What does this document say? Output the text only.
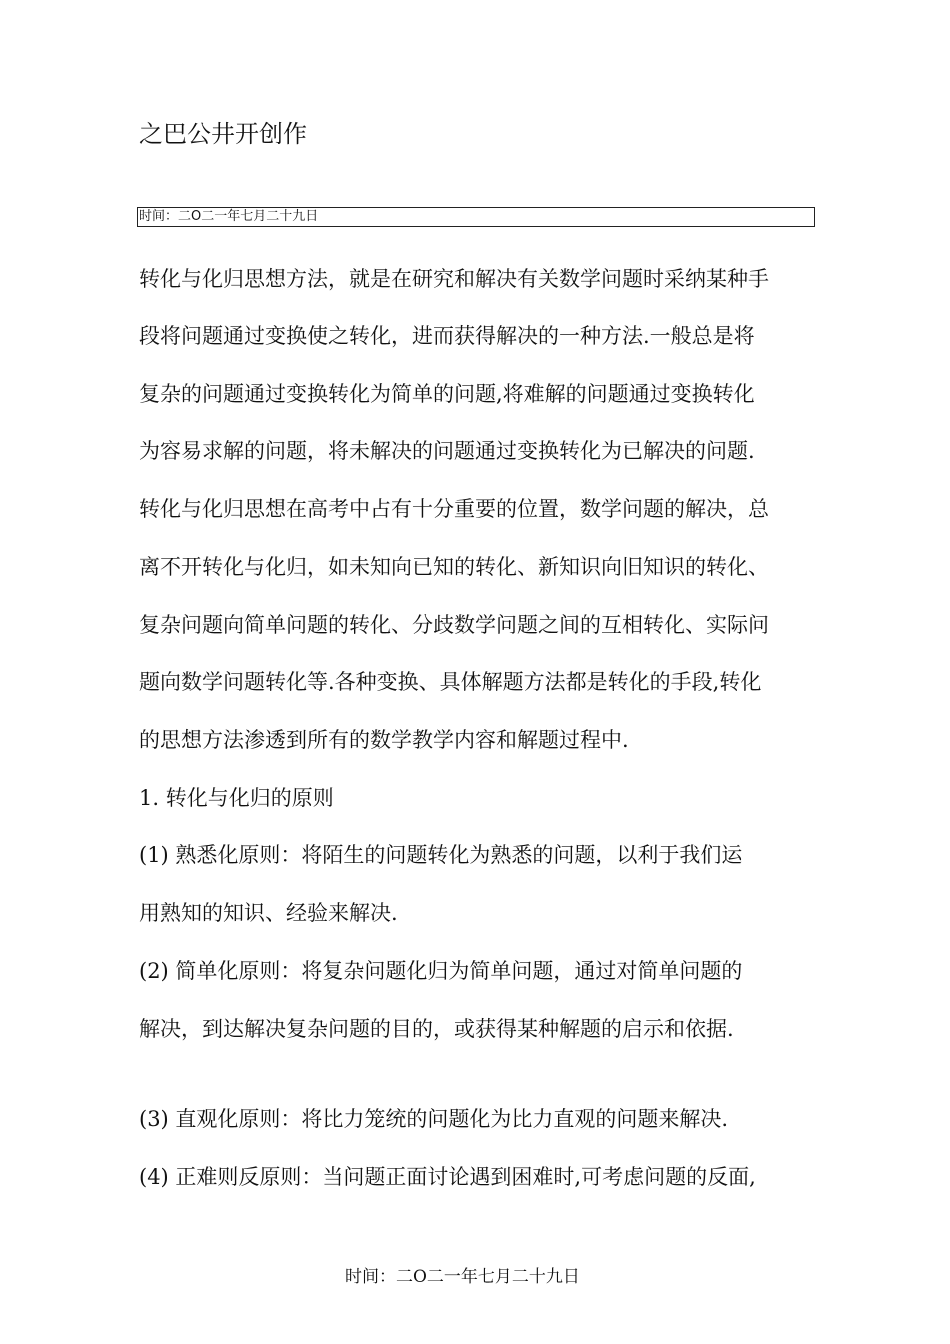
之巴公井开创作
时间：二O二一年七月二十九日
转化与化归思想方法，就是在研究和解决有关数学问题时采纳某种手
段将问题通过变换使之转化，进而获得解决的一种方法.一般总是将
复杂的问题通过变换转化为简单的问题,将难解的问题通过变换转化
为容易求解的问题，将未解决的问题通过变换转化为已解决的问题.
转化与化归思想在高考中占有十分重要的位置，数学问题的解决，总
离不开转化与化归，如未知向已知的转化、新知识向旧知识的转化、
复杂问题向简单问题的转化、分歧数学问题之间的互相转化、实际问
题向数学问题转化等.各种变换、具体解题方法都是转化的手段,转化
的思想方法渗透到所有的数学教学内容和解题过程中.
1. 转化与化归的原则
(1) 熟悉化原则：将陌生的问题转化为熟悉的问题，以利于我们运
用熟知的知识、经验来解决.
(2) 简单化原则：将复杂问题化归为简单问题，通过对简单问题的
解决，到达解决复杂问题的目的，或获得某种解题的启示和依据.
(3) 直观化原则：将比力笼统的问题化为比力直观的问题来解决.
(4) 正难则反原则：当问题正面讨论遇到困难时,可考虑问题的反面,
时间：二O二一年七月二十九日
